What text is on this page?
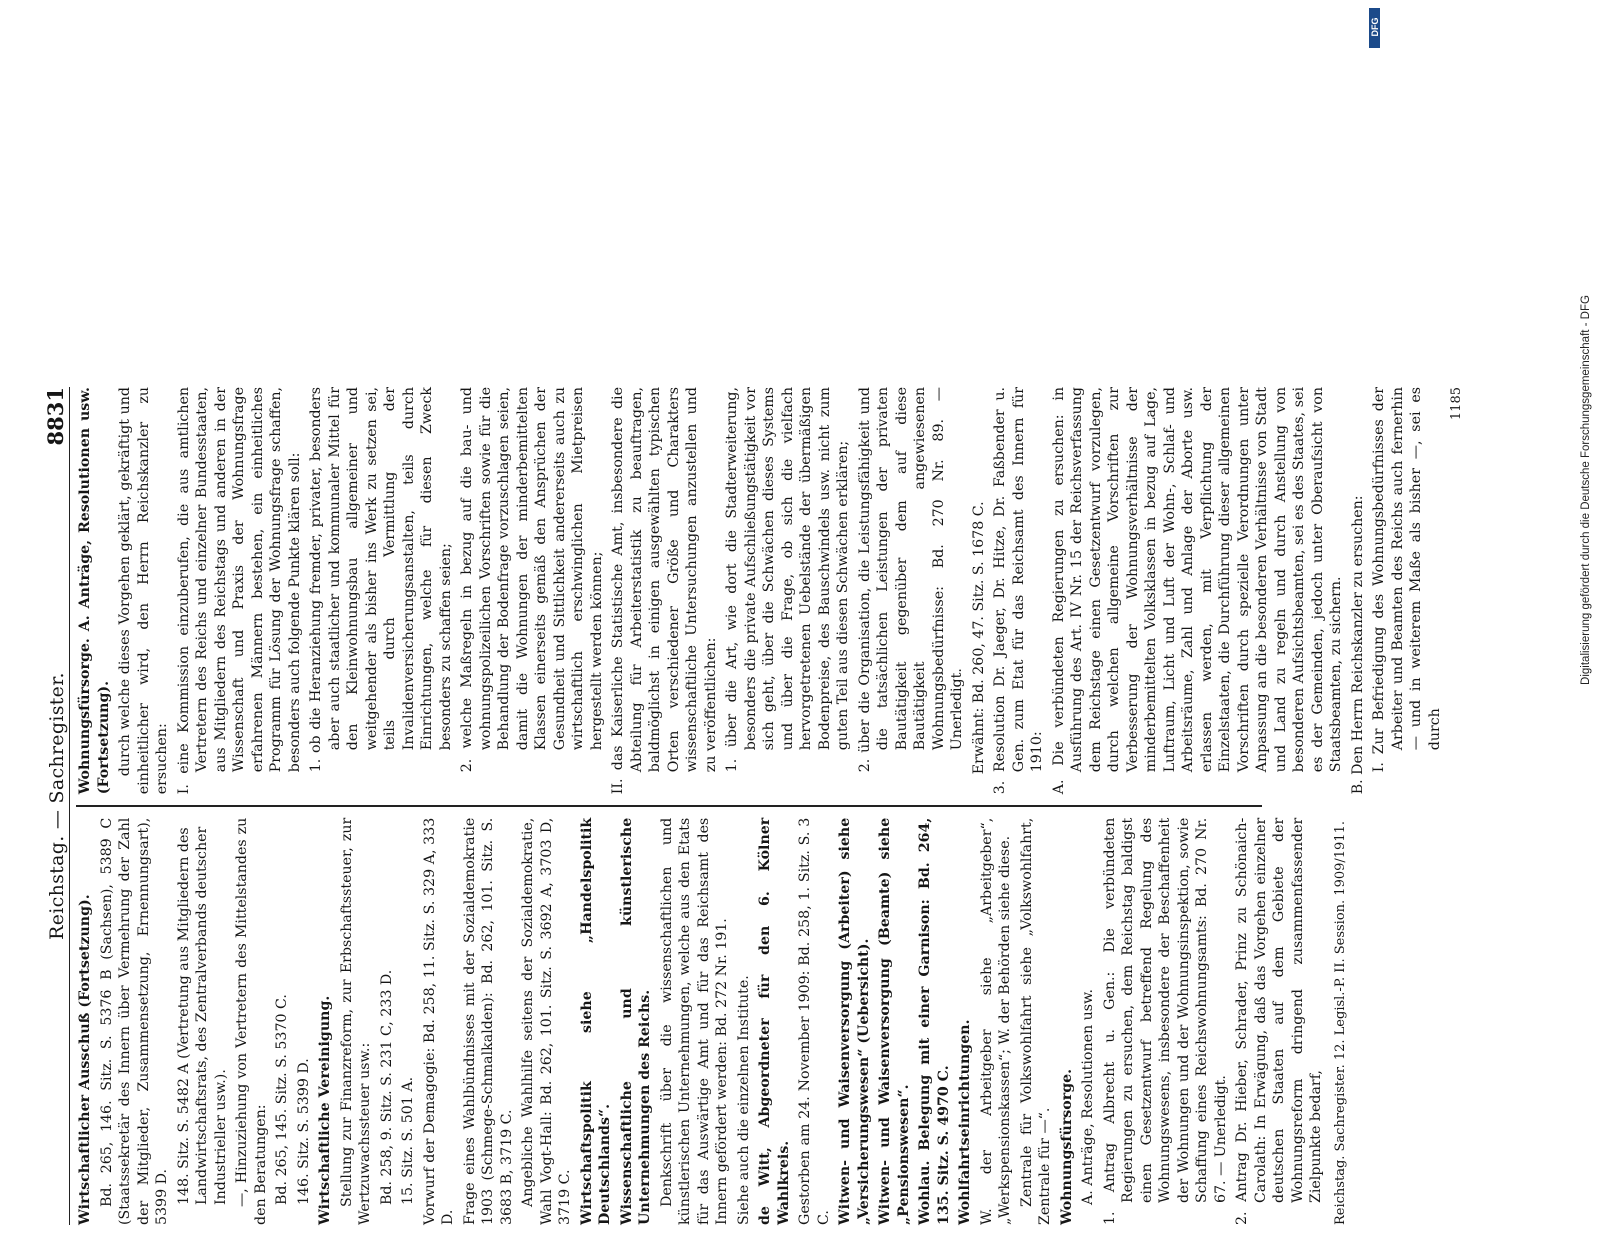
Reichstag. — Sachregister.
8831

Wirtschaftlicher Ausschuß (Fortsetzung). Bd. 265, 146. Sitz. S. 5376 B (Sachsen), 5389 C (Staatssekretär des Innern über Vermehrung der Zahl der Mitglieder, Zusammensetzung, Ernennungsart), 5399 D. 148. Sitz. S. 5482 A (Vertretung aus Mitgliedern des Landwirtschaftsrats, des Zentralverbands deutscher Industrieller usw.). —, Hinzuziehung von Vertretern des Mittelstandes zu den Beratungen: Bd. 265, 145. Sitz. S. 5370 C. 146. Sitz. S. 5399 D. Wirtschaftliche Vereinigung. Stellung zur Finanzreform, zur Erbschaftssteuer, zur Wertzuwachssteuer usw.: Bd. 258, 9. Sitz. S. 231 C, 233 D. 15. Sitz. S. 501 A. Vorwurf der Demagogie: Bd. 258, 11. Sitz. S. 329 A, 333 D. Frage eines Wahlbündnisses mit der Sozialdemokratie 1903 (Schmege-Schmalkalden): Bd. 262, 101. Sitz. S. 3683 B, 3719 C. Angebliche Wahlhilfe seitens der Sozialdemokratie, Wahl Vogt-Hall: Bd. 262, 101. Sitz. S. 3692 A, 3703 D, 3719 C. Wirtschaftspolitik siehe „Handelspolitik Deutschlands“. Wissenschaftliche und künstlerische Unternehmungen des Reichs. Denkschrift über die wissenschaftlichen und künstlerischen Unternehmungen, welche aus den Etats für das Auswärtige Amt und für das Reichsamt des Innern gefördert werden: Bd. 272 Nr. 191. Siehe auch die einzelnen Institute. de Witt, Abgeordneter für den 6. Kölner Wahlkreis. Gestorben am 24. November 1909: Bd. 258, 1. Sitz. S. 3 C. Witwen- und Waisenversorgung (Arbeiter) siehe „Versicherungswesen“ (Uebersicht). Witwen- und Waisenversorgung (Beamte) siehe „Pensionswesen“. Wohlau. Belegung mit einer Garnison: Bd. 264, 135. Sitz. S. 4970 C. Wohlfahrtseinrichtungen. W. der Arbeitgeber siehe „Arbeitgeber“, „Werkspensionskassen“; W. der Behörden siehe diese. Zentrale für Volkswohlfahrt siehe „Volkswohlfahrt, Zentrale für —“. Wohnungsfürsorge. A. Anträge, Resolutionen usw. 1. Antrag Albrecht u. Gen.: Die verbündeten Regierungen zu ersuchen, dem Reichstag baldigst einen Gesetzentwurf betreffend Regelung des Wohnungswesens, insbesondere der Beschaffenheit der Wohnungen und der Wohnungsinspektion, sowie Schaffung eines Reichswohnungsamts: Bd. 270 Nr. 67. — Unerledigt. 2. Antrag Dr. Hieber, Schrader, Prinz zu Schönaich-Carolath: In Erwägung, daß das Vorgehen einzelner deutschen Staaten auf dem Gebiete der Wohnungsreform dringend zusammenfassender Zielpunkte bedarf, Reichstag. Sachregister. 12. Legisl.-P. II. Session. 1909/1911.

Wohnungsfürsorge. A. Anträge, Resolutionen usw. (Fortsetzung). durch welche dieses Vorgehen geklärt, gekräftigt und einheitlicher wird, den Herrn Reichskanzler zu ersuchen: I. eine Kommission einzuberufen, die aus amtlichen Vertretern des Reichs und einzelner Bundesstaaten, aus Mitgliedern des Reichstags und anderen in der Wissenschaft und Praxis der Wohnungsfrage erfahrenen Männern bestehen, ein einheitliches Programm für Lösung der Wohnungsfrage schaffen, besonders auch folgende Punkte klären soll: 1. ob die Heranziehung fremder, privater, besonders aber auch staatlicher und kommunaler Mittel für den Kleinwohnungsbau allgemeiner und weitgehender als bisher ins Werk zu setzen sei, teils durch Vermittlung der Invalidenversicherungsanstalten, teils durch Einrichtungen, welche für diesen Zweck besonders zu schaffen seien; 2. welche Maßregeln in bezug auf die bau- und wohnungspolizeilichen Vorschriften sowie für die Behandlung der Bodenfrage vorzuschlagen seien, damit die Wohnungen der minderbemittelten Klassen einerseits gemäß den Ansprüchen der Gesundheit und Sittlichkeit andererseits auch zu wirtschaftlich erschwinglichen Mietpreisen hergestellt werden können; II. das Kaiserliche Statistische Amt, insbesondere die Abteilung für Arbeiterstatistik zu beauftragen, baldmöglichst in einigen ausgewählten typischen Orten verschiedener Größe und Charakters wissenschaftliche Untersuchungen anzustellen und zu veröffentlichen: 1. über die Art, wie dort die Stadterweiterung, besonders die private Aufschließungstätigkeit vor sich geht, über die Schwächen dieses Systems und über die Frage, ob sich die vielfach hervorgetretenen Uebelstände der übermäßigen Bodenpreise, des Bauschwindels usw. nicht zum guten Teil aus diesen Schwächen erklären; 2. über die Organisation, die Leistungsfähigkeit und die tatsächlichen Leistungen der privaten Bautätigkeit gegenüber dem auf diese Bautätigkeit angewiesenen Wohnungsbedürfnisse: Bd. 270 Nr. 89. — Unerledigt. Erwähnt: Bd. 260, 47. Sitz. S. 1678 C. 3. Resolution Dr. Jaeger, Dr. Hitze, Dr. Faßbender u. Gen. zum Etat für das Reichsamt des Innern für 1910: A. Die verbündeten Regierungen zu ersuchen: in Ausführung des Art. IV Nr. 15 der Reichsverfassung dem Reichstage einen Gesetzentwurf vorzulegen, durch welchen allgemeine Vorschriften zur Verbesserung der Wohnungsverhältnisse der minderbemittelten Volksklassen in bezug auf Lage, Luftraum, Licht und Luft der Wohn-, Schlaf- und Arbeitsräume, Zahl und Anlage der Aborte usw. erlassen werden, mit Verpflichtung der Einzelstaaten, die Durchführung dieser allgemeinen Vorschriften durch spezielle Verordnungen unter Anpassung an die besonderen Verhältnisse von Stadt und Land zu regeln und durch Anstellung von besonderen Aufsichtsbeamten, sei es des Staates, sei es der Gemeinden, jedoch unter Oberaufsicht von Staatsbeamten, zu sichern. B. Den Herrn Reichskanzler zu ersuchen: I. Zur Befriedigung des Wohnungsbedürfnisses der Arbeiter und Beamten des Reichs auch fernerhin — und in weiterem Maße als bisher —, sei es durch

1185	Digitalisierung gefördert durch die Deutsche Forschungsgemeinschaft - DFG
DFG
